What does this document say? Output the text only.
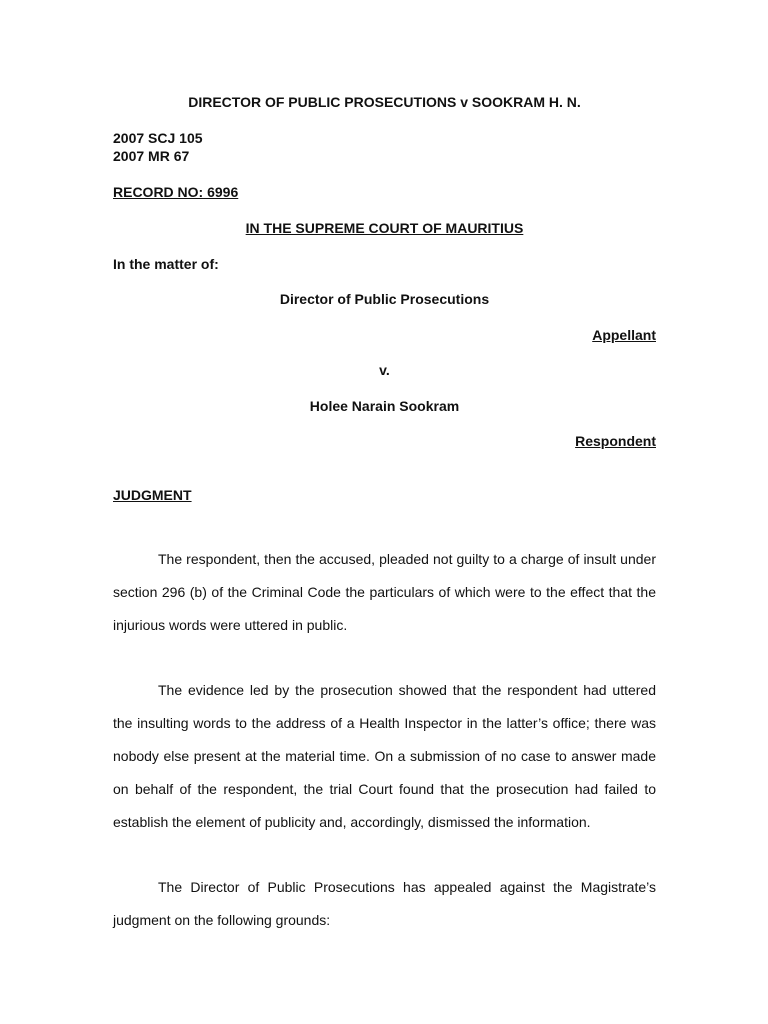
DIRECTOR OF PUBLIC PROSECUTIONS v SOOKRAM H. N.
2007 SCJ 105
2007 MR 67
RECORD NO: 6996
IN THE SUPREME COURT OF MAURITIUS
In the matter of:
Director of Public Prosecutions
Appellant
v.
Holee Narain Sookram
Respondent
JUDGMENT

The respondent, then the accused, pleaded not guilty to a charge of insult under section 296 (b) of the Criminal Code the particulars of which were to the effect that the injurious words were uttered in public.

The evidence led by the prosecution showed that the respondent had uttered the insulting words to the address of a Health Inspector in the latter’s office; there was nobody else present at the material time. On a submission of no case to answer made on behalf of the respondent, the trial Court found that the prosecution had failed to establish the element of publicity and, accordingly, dismissed the information.

The Director of Public Prosecutions has appealed against the Magistrate’s judgment on the following grounds:
